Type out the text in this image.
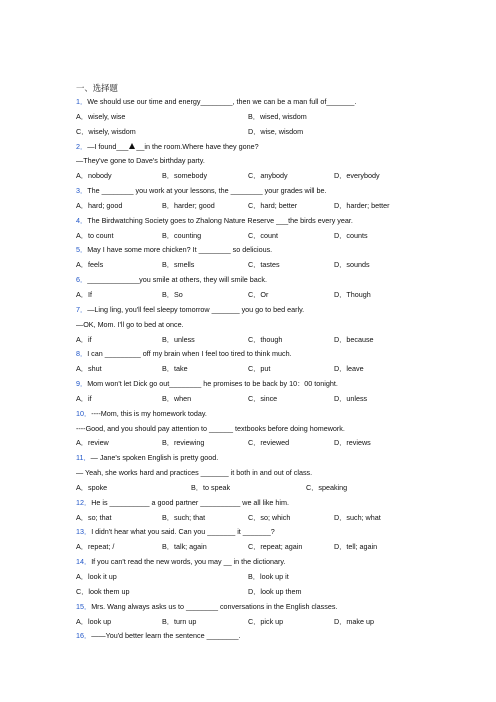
一、选择题
1．We should use our time and energy________, then we can be a man full of_______.
A．wisely, wise	B．wised, wisdom
C．wisely, wisdom	D．wise, wisdom
2．—I found___ __in the room.Where have they gone?
—They've gone to Dave's birthday party.
A．nobody	B．somebody	C．anybody	D．everybody
3．The ________ you work at your lessons, the ________ your grades will be.
A．hard; good	B．harder; good	C．hard; better	D．harder; better
4．The Birdwatching Society goes to Zhalong Nature Reserve ___the birds every year.
A．to count	B．counting	C．count	D．counts
5．May I have some more chicken? It ________ so delicious.
A．feels	B．smells	C．tastes	D．sounds
6．_____________you smile at others, they will smile back.
A．If	B．So	C．Or	D．Though
7．—Ling ling, you'll feel sleepy tomorrow _______ you go to bed early.
—OK, Mom. I'll go to bed at once.
A．if	B．unless	C．though	D．because
8．I can _________ off my brain when I feel too tired to think much.
A．shut	B．take	C．put	D．leave
9．Mom won't let Dick go out________ he promises to be back by 10：00 tonight.
A．if	B．when	C．since	D．unless
10．----Mom, this is my homework today.
----Good, and you should pay attention to ______ textbooks before doing homework.
A．review	B．reviewing	C．reviewed	D．reviews
11．— Jane's spoken English is pretty good.
— Yeah, she works hard and practices _______ it both in and out of class.
A．spoke	B．to speak	C．speaking
12．He is __________ a good partner __________ we all like him.
A．so; that	B．such; that	C．so; which	D．such; what
13．I didn't hear what you said. Can you _______ it _______?
A．repeat; /	B．talk; again	C．repeat; again	D．tell; again
14．If you can't read the new words, you may __ in the dictionary.
A．look it up	B．look up it
C．look them up	D．look up them
15．Mrs. Wang always asks us to ________ conversations in the English classes.
A．look up	B．turn up	C．pick up	D．make up
16．——You'd better learn the sentence ________.
